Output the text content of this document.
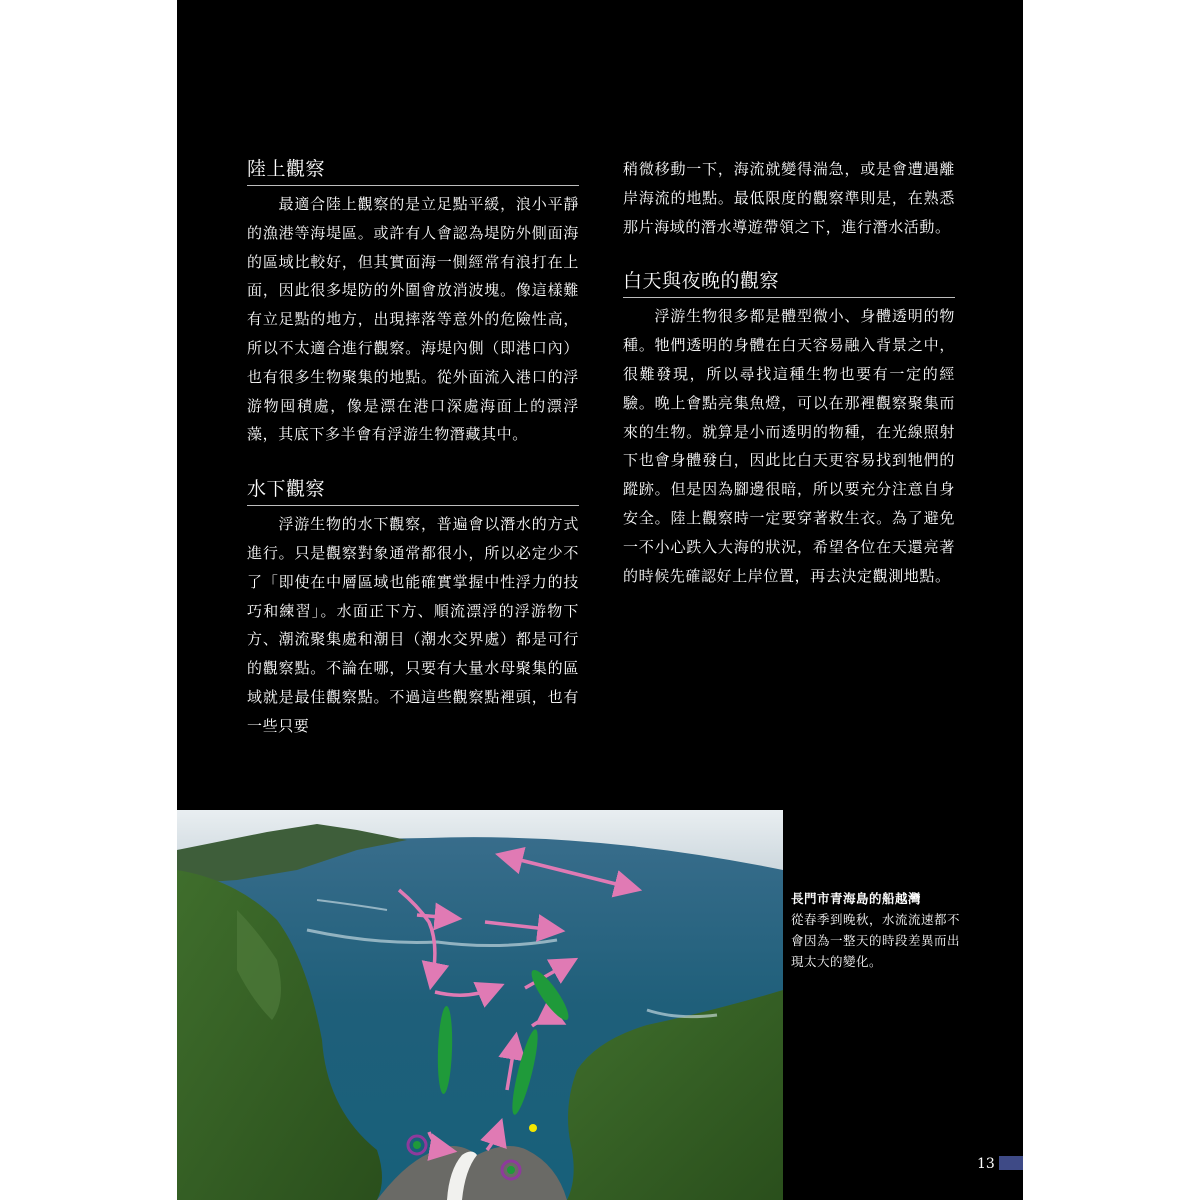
陸上觀察

最適合陸上觀察的是立足點平緩，浪小平靜的漁港等海堤區。或許有人會認為堤防外側面海的區域比較好，但其實面海一側經常有浪打在上面，因此很多堤防的外圍會放消波塊。像這樣難有立足點的地方，出現摔落等意外的危險性高，所以不太適合進行觀察。海堤內側（即港口內）也有很多生物聚集的地點。從外面流入港口的浮游物囤積處，像是漂在港口深處海面上的漂浮藻，其底下多半會有浮游生物潛藏其中。

水下觀察

浮游生物的水下觀察，普遍會以潛水的方式進行。只是觀察對象通常都很小，所以必定少不了「即使在中層區域也能確實掌握中性浮力的技巧和練習」。水面正下方、順流漂浮的浮游物下方、潮流聚集處和潮目（潮水交界處）都是可行的觀察點。不論在哪，只要有大量水母聚集的區域就是最佳觀察點。不過這些觀察點裡頭，也有一些只要

稍微移動一下，海流就變得湍急，或是會遭遇離岸海流的地點。最低限度的觀察準則是，在熟悉那片海域的潛水導遊帶領之下，進行潛水活動。

白天與夜晚的觀察

浮游生物很多都是體型微小、身體透明的物種。牠們透明的身體在白天容易融入背景之中，很難發現，所以尋找這種生物也要有一定的經驗。晚上會點亮集魚燈，可以在那裡觀察聚集而來的生物。就算是小而透明的物種，在光線照射下也會身體發白，因此比白天更容易找到牠們的蹤跡。但是因為腳邊很暗，所以要充分注意自身安全。陸上觀察時一定要穿著救生衣。為了避免一不小心跌入大海的狀況，希望各位在天還亮著的時候先確認好上岸位置，再去決定觀測地點。

長門市青海島的船越灣
從春季到晚秋，水流流速都不會因為一整天的時段差異而出現太大的變化。
13
